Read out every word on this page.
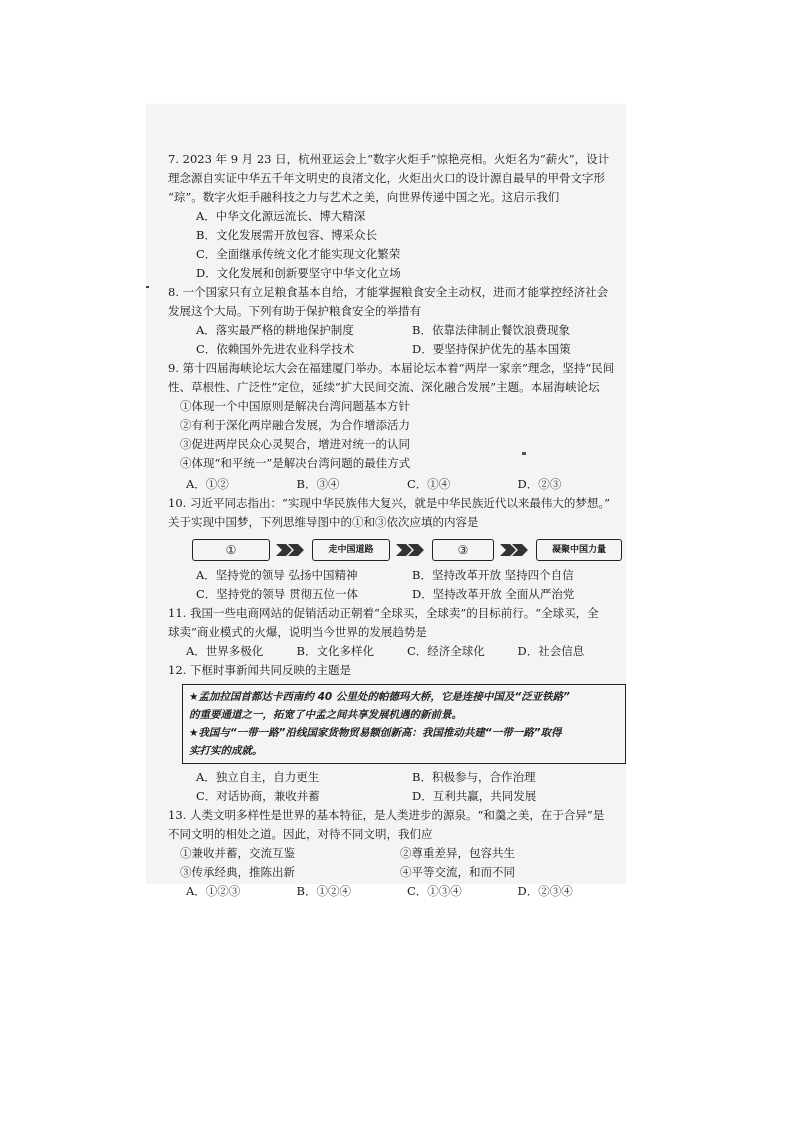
7. 2023 年 9 月 23 日，杭州亚运会上“数字火炬手”惊艳亮相。火炬名为“薪火”，设计
理念源自实证中华五千年文明史的良渚文化，火炬出火口的设计源自最早的甲骨文字形
“琮”。数字火炬手融科技之力与艺术之美，向世界传递中国之光。这启示我们
A．中华文化源远流长、博大精深
B．文化发展需开放包容、博采众长
C．全面继承传统文化才能实现文化繁荣
D．文化发展和创新要坚守中华文化立场
8. 一个国家只有立足粮食基本自给，才能掌握粮食安全主动权，进而才能掌控经济社会
发展这个大局。下列有助于保护粮食安全的举措有
A．落实最严格的耕地保护制度	B．依靠法律制止餐饮浪费现象
C．依赖国外先进农业科学技术	D．要坚持保护优先的基本国策
9. 第十四届海峡论坛大会在福建厦门举办。本届论坛本着“两岸一家亲”理念，坚持“民间
性、草根性、广泛性”定位，延续“扩大民间交流、深化融合发展”主题。本届海峡论坛
①体现一个中国原则是解决台湾问题基本方针
②有利于深化两岸融合发展，为合作增添活力
③促进两岸民众心灵契合，增进对统一的认同
④体现“和平统一”是解决台湾问题的最佳方式
A．①②	B．③④	C．①④	D．②③
10. 习近平同志指出：“实现中华民族伟大复兴，就是中华民族近代以来最伟大的梦想。”
关于实现中国梦，下列思维导图中的①和③依次应填的内容是
①	走中国道路	③	凝聚中国力量
A．坚持党的领导 弘扬中国精神	B．坚持改革开放 坚持四个自信
C．坚持党的领导 贯彻五位一体	D．坚持改革开放 全面从严治党
11. 我国一些电商网站的促销活动正朝着“全球买，全球卖”的目标前行。“全球买，全
球卖”商业模式的火爆，说明当今世界的发展趋势是
A．世界多极化	B．文化多样化	C．经济全球化	D．社会信息
12. 下框时事新闻共同反映的主题是
★孟加拉国首都达卡西南约 40 公里处的帕德玛大桥，它是连接中国及“泛亚铁路”
的重要通道之一，拓宽了中孟之间共享发展机遇的新前景。
★我国与“一带一路”沿线国家货物贸易额创新高：我国推动共建“一带一路”取得
实打实的成就。
A．独立自主，自力更生	B．积极参与，合作治理
C．对话协商，兼收并蓄	D．互利共赢，共同发展
13. 人类文明多样性是世界的基本特征，是人类进步的源泉。“和羹之美，在于合异”是
不同文明的相处之道。因此，对待不同文明，我们应
①兼收并蓄，交流互鉴	②尊重差异，包容共生
③传承经典，推陈出新	④平等交流，和而不同
A．①②③	B．①②④	C．①③④	D．②③④
